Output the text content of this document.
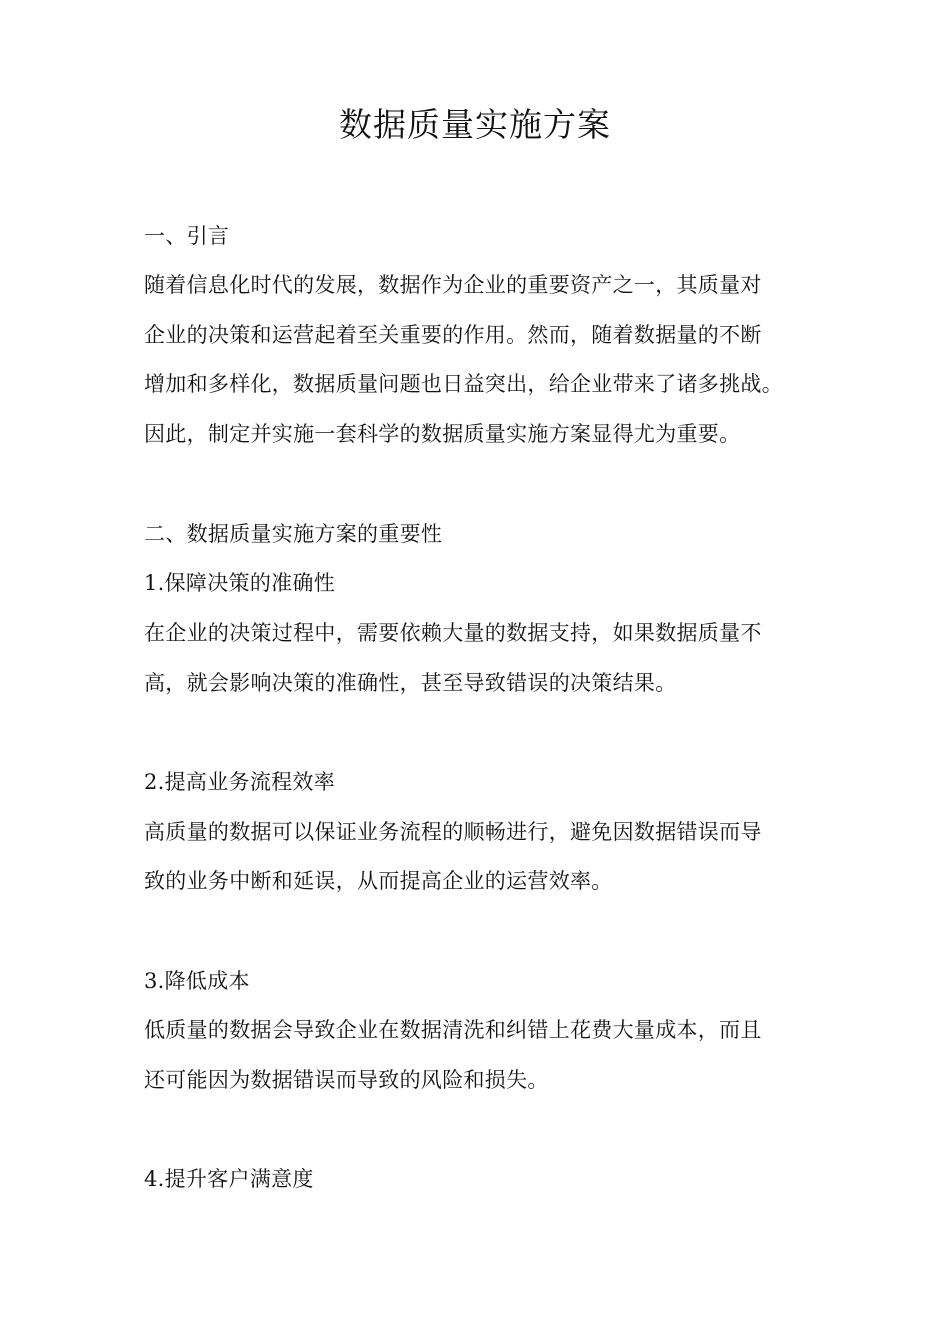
数据质量实施方案

一、引言

随着信息化时代的发展，数据作为企业的重要资产之一，其质量对

企业的决策和运营起着至关重要的作用。然而，随着数据量的不断

增加和多样化，数据质量问题也日益突出，给企业带来了诸多挑战。

因此，制定并实施一套科学的数据质量实施方案显得尤为重要。

二、数据质量实施方案的重要性

1.保障决策的准确性

在企业的决策过程中，需要依赖大量的数据支持，如果数据质量不

高，就会影响决策的准确性，甚至导致错误的决策结果。

2.提高业务流程效率

高质量的数据可以保证业务流程的顺畅进行，避免因数据错误而导

致的业务中断和延误，从而提高企业的运营效率。

3.降低成本

低质量的数据会导致企业在数据清洗和纠错上花费大量成本，而且

还可能因为数据错误而导致的风险和损失。

4.提升客户满意度
